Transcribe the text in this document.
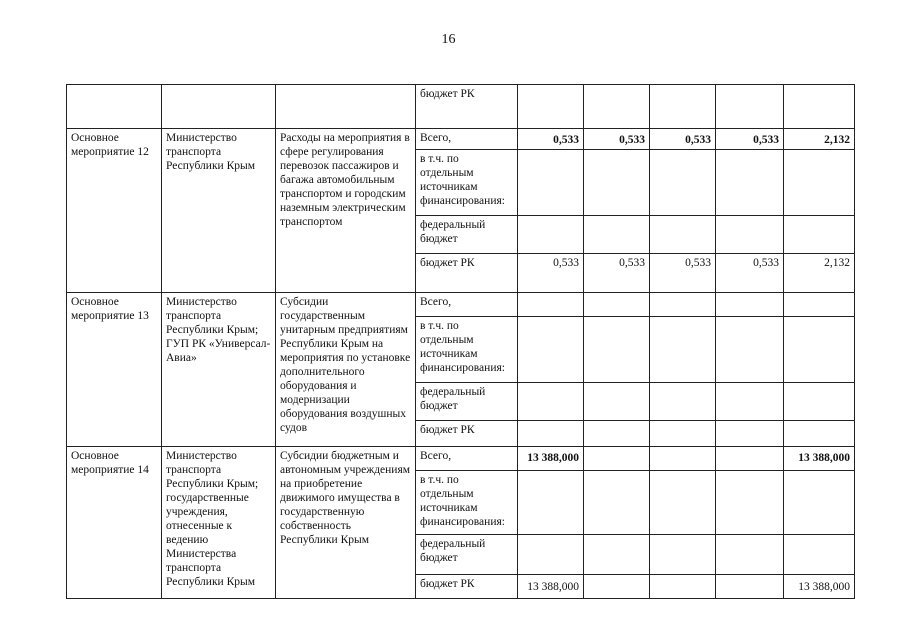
16
			бюджет РК					
Основное мероприятие 12	Министерство транспорта Республики Крым	Расходы на мероприятия в сфере регулирования перевозок пассажиров и багажа автомобильным транспортом и городским наземным электрическим транспортом	Всего,	0,533	0,533	0,533	0,533	2,132
			в т.ч. по отдельным источникам финансирования:					
			федеральный бюджет					
			бюджет РК	0,533	0,533	0,533	0,533	2,132
Основное мероприятие 13	Министерство транспорта Республики Крым; ГУП РК «Универсал-Авиа»	Субсидии государственным унитарным предприятиям Республики Крым на мероприятия по установке дополнительного оборудования и модернизации оборудования воздушных судов	Всего,					
			в т.ч. по отдельным источникам финансирования:					
			федеральный бюджет					
			бюджет РК					
Основное мероприятие 14	Министерство транспорта Республики Крым; государственные учреждения, отнесенные к ведению Министерства транспорта Республики Крым	Субсидии бюджетным и автономным учреждениям на приобретение движимого имущества в государственную собственность Республики Крым	Всего,	13 388,000				13 388,000
			в т.ч. по отдельным источникам финансирования:					
			федеральный бюджет					
			бюджет РК	13 388,000				13 388,000
